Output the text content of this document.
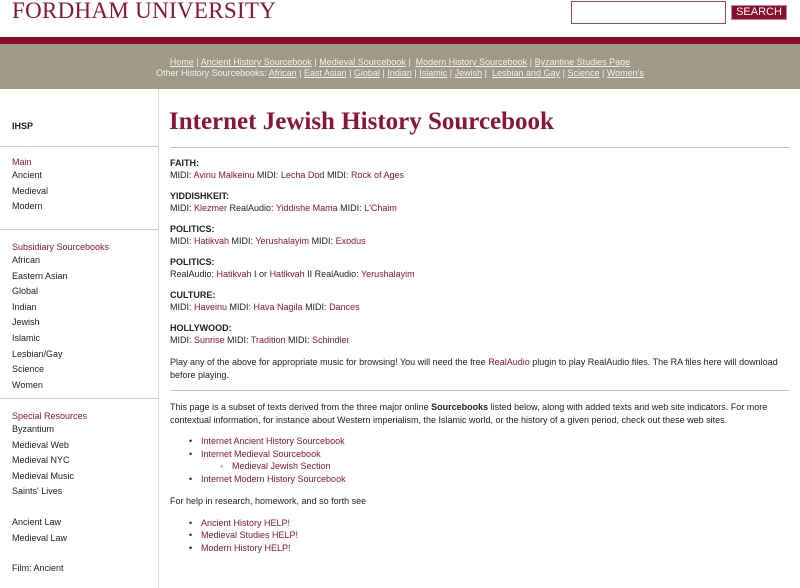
FORDHAM UNIVERSITY	SEARCH
Home | Ancient History Sourcebook | Medieval Sourcebook | Modern History Sourcebook | Byzantine Studies Page
Other History Sourcebooks: African | East Asian | Global | Indian | Islamic | Jewish | Lesbian and Gay | Science | Women's
IHSP
Main
Ancient
Medieval
Modern
Subsidiary Sourcebooks
African
Eastern Asian
Global
Indian
Jewish
Islamic
Lesbian/Gay
Science
Women
Special Resources
Byzantium
Medieval Web
Medieval NYC
Medieval Music
Saints' Lives
Ancient Law
Medieval Law
Film: Ancient
Internet Jewish History Sourcebook
FAITH:
MIDI: Avinu Malkeinu MIDI: Lecha Dod MIDI: Rock of Ages
YIDDISHKEIT:
MIDI: Klezmer RealAudio: Yiddishe Mama MIDI: L'Chaim
POLITICS:
MIDI: Hatikvah MIDI: Yerushalayim MIDI: Exodus
POLITICS:
RealAudio: Hatikvah I or Hatikvah II RealAudio: Yerushalayim
CULTURE:
MIDI: Haveinu MIDI: Hava Nagila MIDI: Dances
HOLLYWOOD:
MIDI: Sunrise MIDI: Tradition MIDI: Schindler

Play any of the above for appropriate music for browsing! You will need the free RealAudio plugin to play RealAudio files. The RA files here will download before playing.

This page is a subset of texts derived from the three major online Sourcebooks listed below, along with added texts and web site indicators. For more contextual information, for instance about Western imperialism, the Islamic world, or the history of a given period, check out these web sites.

• Internet Ancient History Sourcebook
• Internet Medieval Sourcebook
◦ Medieval Jewish Section
• Internet Modern History Sourcebook

For help in research, homework, and so forth see

• Ancient History HELP!
• Medieval Studies HELP!
• Modern History HELP!
